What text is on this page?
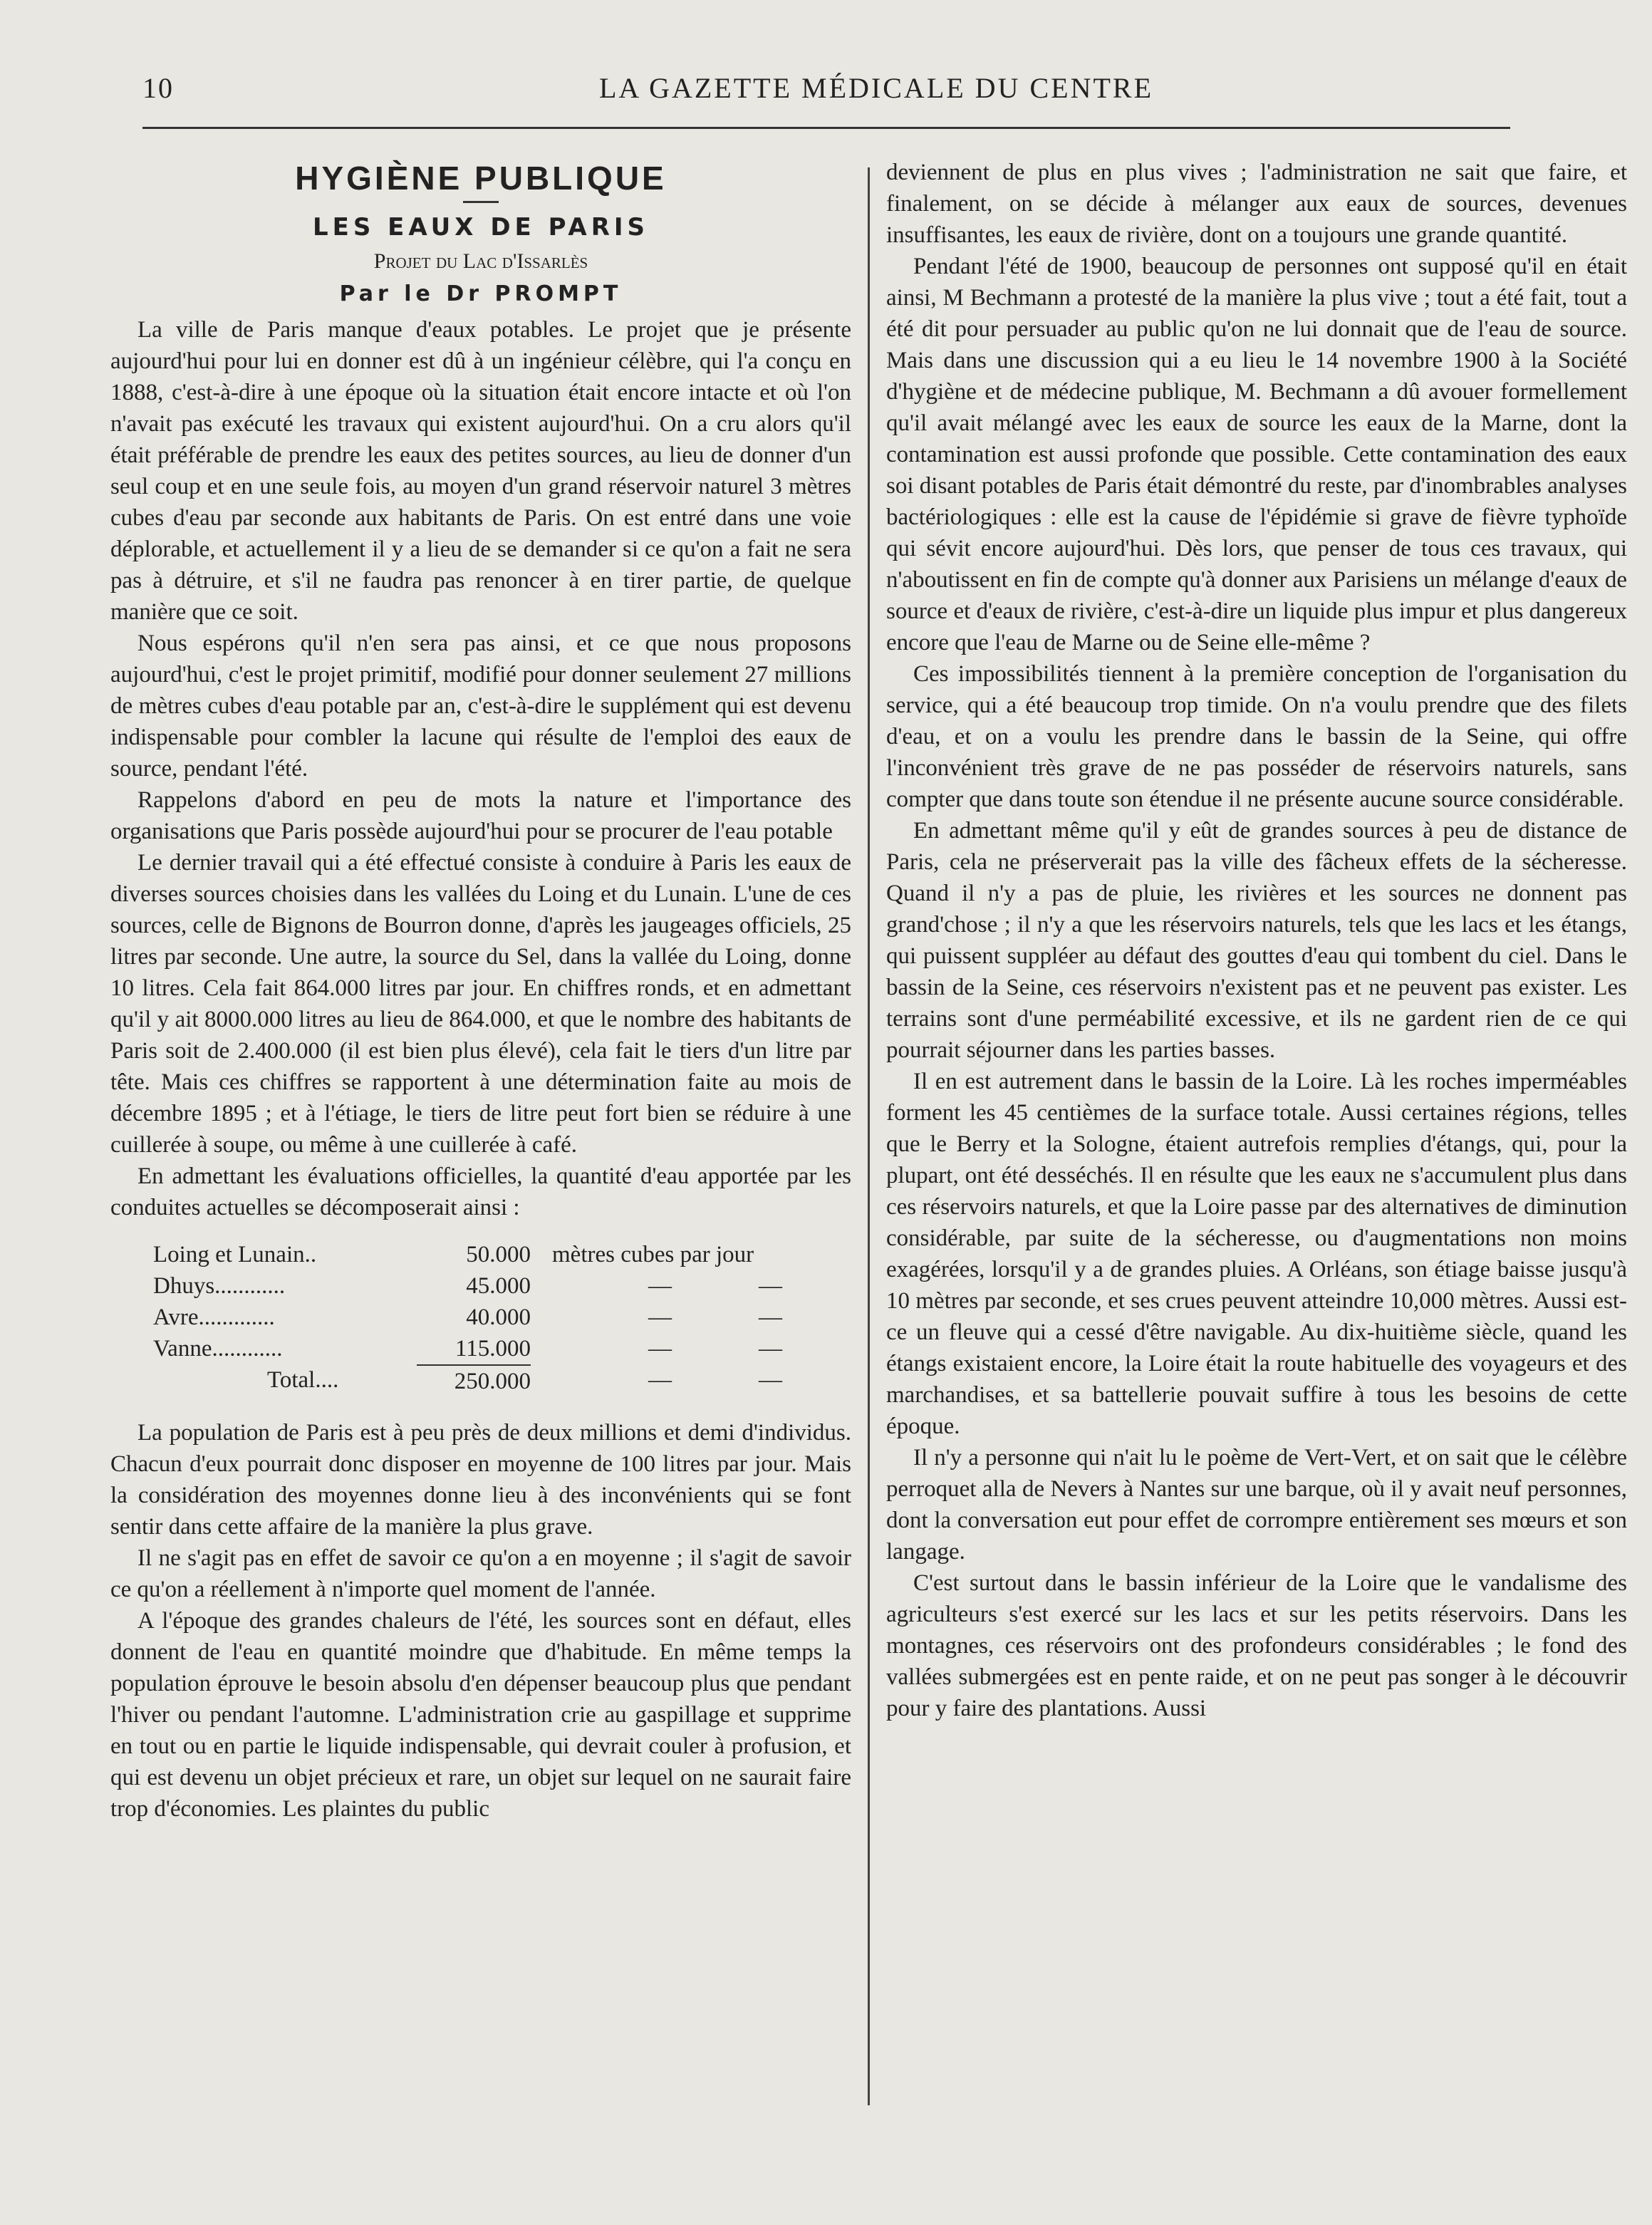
10	LA GAZETTE MÉDICALE DU CENTRE
HYGIÈNE PUBLIQUE
LES EAUX DE PARIS
Projet du Lac d'Issarlès
Par le Dr PROMPT

La ville de Paris manque d'eaux potables. Le projet que je présente aujourd'hui pour lui en donner est dû à un ingénieur célèbre, qui l'a conçu en 1888, c'est-à-dire à une époque où la situation était encore intacte et où l'on n'avait pas exécuté les travaux qui existent aujourd'hui. On a cru alors qu'il était préférable de prendre les eaux des petites sources, au lieu de donner d'un seul coup et en une seule fois, au moyen d'un grand réservoir naturel 3 mètres cubes d'eau par seconde aux habitants de Paris. On est entré dans une voie déplorable, et actuellement il y a lieu de se demander si ce qu'on a fait ne sera pas à détruire, et s'il ne faudra pas renoncer à en tirer partie, de quelque manière que ce soit.

Nous espérons qu'il n'en sera pas ainsi, et ce que nous proposons aujourd'hui, c'est le projet primitif, modifié pour donner seulement 27 millions de mètres cubes d'eau potable par an, c'est-à-dire le supplément qui est devenu indispensable pour combler la lacune qui résulte de l'emploi des eaux de source, pendant l'été.

Rappelons d'abord en peu de mots la nature et l'importance des organisations que Paris possède aujourd'hui pour se procurer de l'eau potable

Le dernier travail qui a été effectué consiste à conduire à Paris les eaux de diverses sources choisies dans les vallées du Loing et du Lunain. L'une de ces sources, celle de Bignons de Bourron donne, d'après les jaugeages officiels, 25 litres par seconde. Une autre, la source du Sel, dans la vallée du Loing, donne 10 litres. Cela fait 864.000 litres par jour. En chiffres ronds, et en admettant qu'il y ait 8000.000 litres au lieu de 864.000, et que le nombre des habitants de Paris soit de 2.400.000 (il est bien plus élevé), cela fait le tiers d'un litre par tête. Mais ces chiffres se rapportent à une détermination faite au mois de décembre 1895 ; et à l'étiage, le tiers de litre peut fort bien se réduire à une cuillerée à soupe, ou même à une cuillerée à café.

En admettant les évaluations officielles, la quantité d'eau apportée par les conduites actuelles se décomposerait ainsi :

Loing et Lunain..	50.000 mètres cubes par jour
Dhuys............	45.000	—	—
Avre.............	40.000	—	—
Vanne............	115.000	—	—
Total....	250.000	—	—

La population de Paris est à peu près de deux millions et demi d'individus. Chacun d'eux pourrait donc disposer en moyenne de 100 litres par jour. Mais la considération des moyennes donne lieu à des inconvénients qui se font sentir dans cette affaire de la manière la plus grave.

Il ne s'agit pas en effet de savoir ce qu'on a en moyenne ; il s'agit de savoir ce qu'on a réellement à n'importe quel moment de l'année.

A l'époque des grandes chaleurs de l'été, les sources sont en défaut, elles donnent de l'eau en quantité moindre que d'habitude. En même temps la population éprouve le besoin absolu d'en dépenser beaucoup plus que pendant l'hiver ou pendant l'automne. L'administration crie au gaspillage et supprime en tout ou en partie le liquide indispensable, qui devrait couler à profusion, et qui est devenu un objet précieux et rare, un objet sur lequel on ne saurait faire trop d'économies. Les plaintes du public

deviennent de plus en plus vives ; l'administration ne sait que faire, et finalement, on se décide à mélanger aux eaux de sources, devenues insuffisantes, les eaux de rivière, dont on a toujours une grande quantité.

Pendant l'été de 1900, beaucoup de personnes ont supposé qu'il en était ainsi, M Bechmann a protesté de la manière la plus vive ; tout a été fait, tout a été dit pour persuader au public qu'on ne lui donnait que de l'eau de source. Mais dans une discussion qui a eu lieu le 14 novembre 1900 à la Société d'hygiène et de médecine publique, M. Bechmann a dû avouer formellement qu'il avait mélangé avec les eaux de source les eaux de la Marne, dont la contamination est aussi profonde que possible. Cette contamination des eaux soi disant potables de Paris était démontré du reste, par d'inombrables analyses bactériologiques : elle est la cause de l'épidémie si grave de fièvre typhoïde qui sévit encore aujourd'hui. Dès lors, que penser de tous ces travaux, qui n'aboutissent en fin de compte qu'à donner aux Parisiens un mélange d'eaux de source et d'eaux de rivière, c'est-à-dire un liquide plus impur et plus dangereux encore que l'eau de Marne ou de Seine elle-même ?

Ces impossibilités tiennent à la première conception de l'organisation du service, qui a été beaucoup trop timide. On n'a voulu prendre que des filets d'eau, et on a voulu les prendre dans le bassin de la Seine, qui offre l'inconvénient très grave de ne pas posséder de réservoirs naturels, sans compter que dans toute son étendue il ne présente aucune source considérable.

En admettant même qu'il y eût de grandes sources à peu de distance de Paris, cela ne préserverait pas la ville des fâcheux effets de la sécheresse. Quand il n'y a pas de pluie, les rivières et les sources ne donnent pas grand'chose ; il n'y a que les réservoirs naturels, tels que les lacs et les étangs, qui puissent suppléer au défaut des gouttes d'eau qui tombent du ciel. Dans le bassin de la Seine, ces réservoirs n'existent pas et ne peuvent pas exister. Les terrains sont d'une perméabilité excessive, et ils ne gardent rien de ce qui pourrait séjourner dans les parties basses.

Il en est autrement dans le bassin de la Loire. Là les roches imperméables forment les 45 centièmes de la surface totale. Aussi certaines régions, telles que le Berry et la Sologne, étaient autrefois remplies d'étangs, qui, pour la plupart, ont été desséchés. Il en résulte que les eaux ne s'accumulent plus dans ces réservoirs naturels, et que la Loire passe par des alternatives de diminution considérable, par suite de la sécheresse, ou d'augmentations non moins exagérées, lorsqu'il y a de grandes pluies. A Orléans, son étiage baisse jusqu'à 10 mètres par seconde, et ses crues peuvent atteindre 10,000 mètres. Aussi est-ce un fleuve qui a cessé d'être navigable. Au dix-huitième siècle, quand les étangs existaient encore, la Loire était la route habituelle des voyageurs et des marchandises, et sa battellerie pouvait suffire à tous les besoins de cette époque.

Il n'y a personne qui n'ait lu le poème de Vert-Vert, et on sait que le célèbre perroquet alla de Nevers à Nantes sur une barque, où il y avait neuf personnes, dont la conversation eut pour effet de corrompre entièrement ses mœurs et son langage.

C'est surtout dans le bassin inférieur de la Loire que le vandalisme des agriculteurs s'est exercé sur les lacs et sur les petits réservoirs. Dans les montagnes, ces réservoirs ont des profondeurs considérables ; le fond des vallées submergées est en pente raide, et on ne peut pas songer à le découvrir pour y faire des plantations. Aussi
